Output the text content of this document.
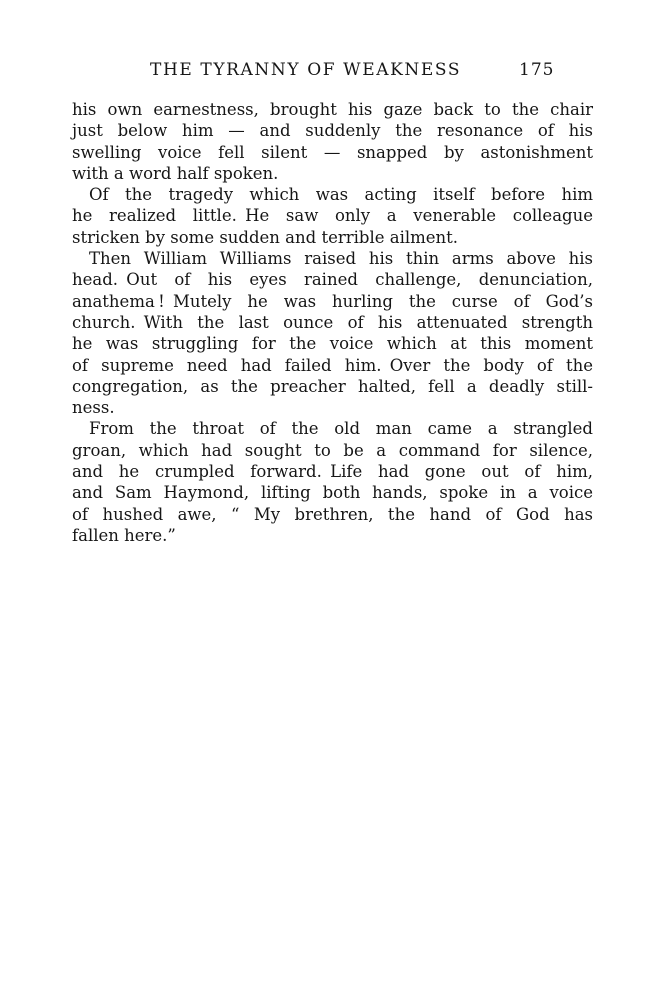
THE TYRANNY OF WEAKNESS	175
his own earnestness, brought his gaze back to the chair
just below him — and suddenly the resonance of his
swelling voice fell silent — snapped by astonishment
with a word half spoken.
Of the tragedy which was acting itself before him
he realized little. He saw only a venerable colleague
stricken by some sudden and terrible ailment.
Then William Williams raised his thin arms above his
head. Out of his eyes rained challenge, denunciation,
anathema ! Mutely he was hurling the curse of God’s
church. With the last ounce of his attenuated strength
he was struggling for the voice which at this moment
of supreme need had failed him. Over the body of the
congregation, as the preacher halted, fell a deadly still-
ness.
From the throat of the old man came a strangled
groan, which had sought to be a command for silence,
and he crumpled forward. Life had gone out of him,
and Sam Haymond, lifting both hands, spoke in a voice
of hushed awe, “ My brethren, the hand of God has
fallen here.”
